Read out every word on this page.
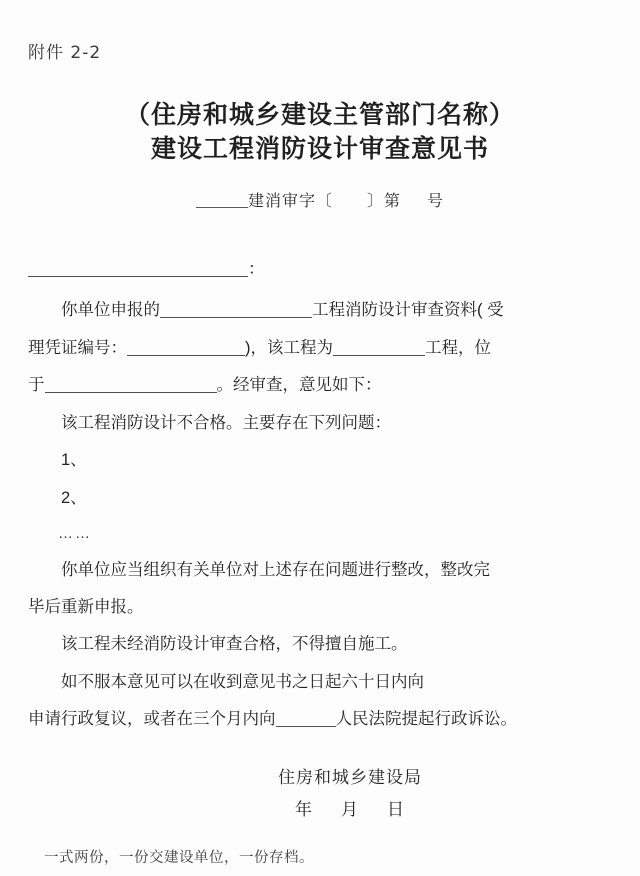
附件 2-2
（住房和城乡建设主管部门名称）
建设工程消防设计审查意见书
建消审字〔 〕第 号

：

你单位申报的	工程消防设计审查资料( 受

理凭证编号：	)，该工程为	工程，位

于	。经审查，意见如下：

该工程消防设计不合格。主要存在下列问题：

1、

2、

……

你单位应当组织有关单位对上述存在问题进行整改，整改完

毕后重新申报。

该工程未经消防设计审查合格，不得擅自施工。

如不服本意见可以在收到意见书之日起六十日内向

申请行政复议，或者在三个月内向	人民法院提起行政诉讼。

住房和城乡建设局
年 月 日
一式两份，一份交建设单位，一份存档。
